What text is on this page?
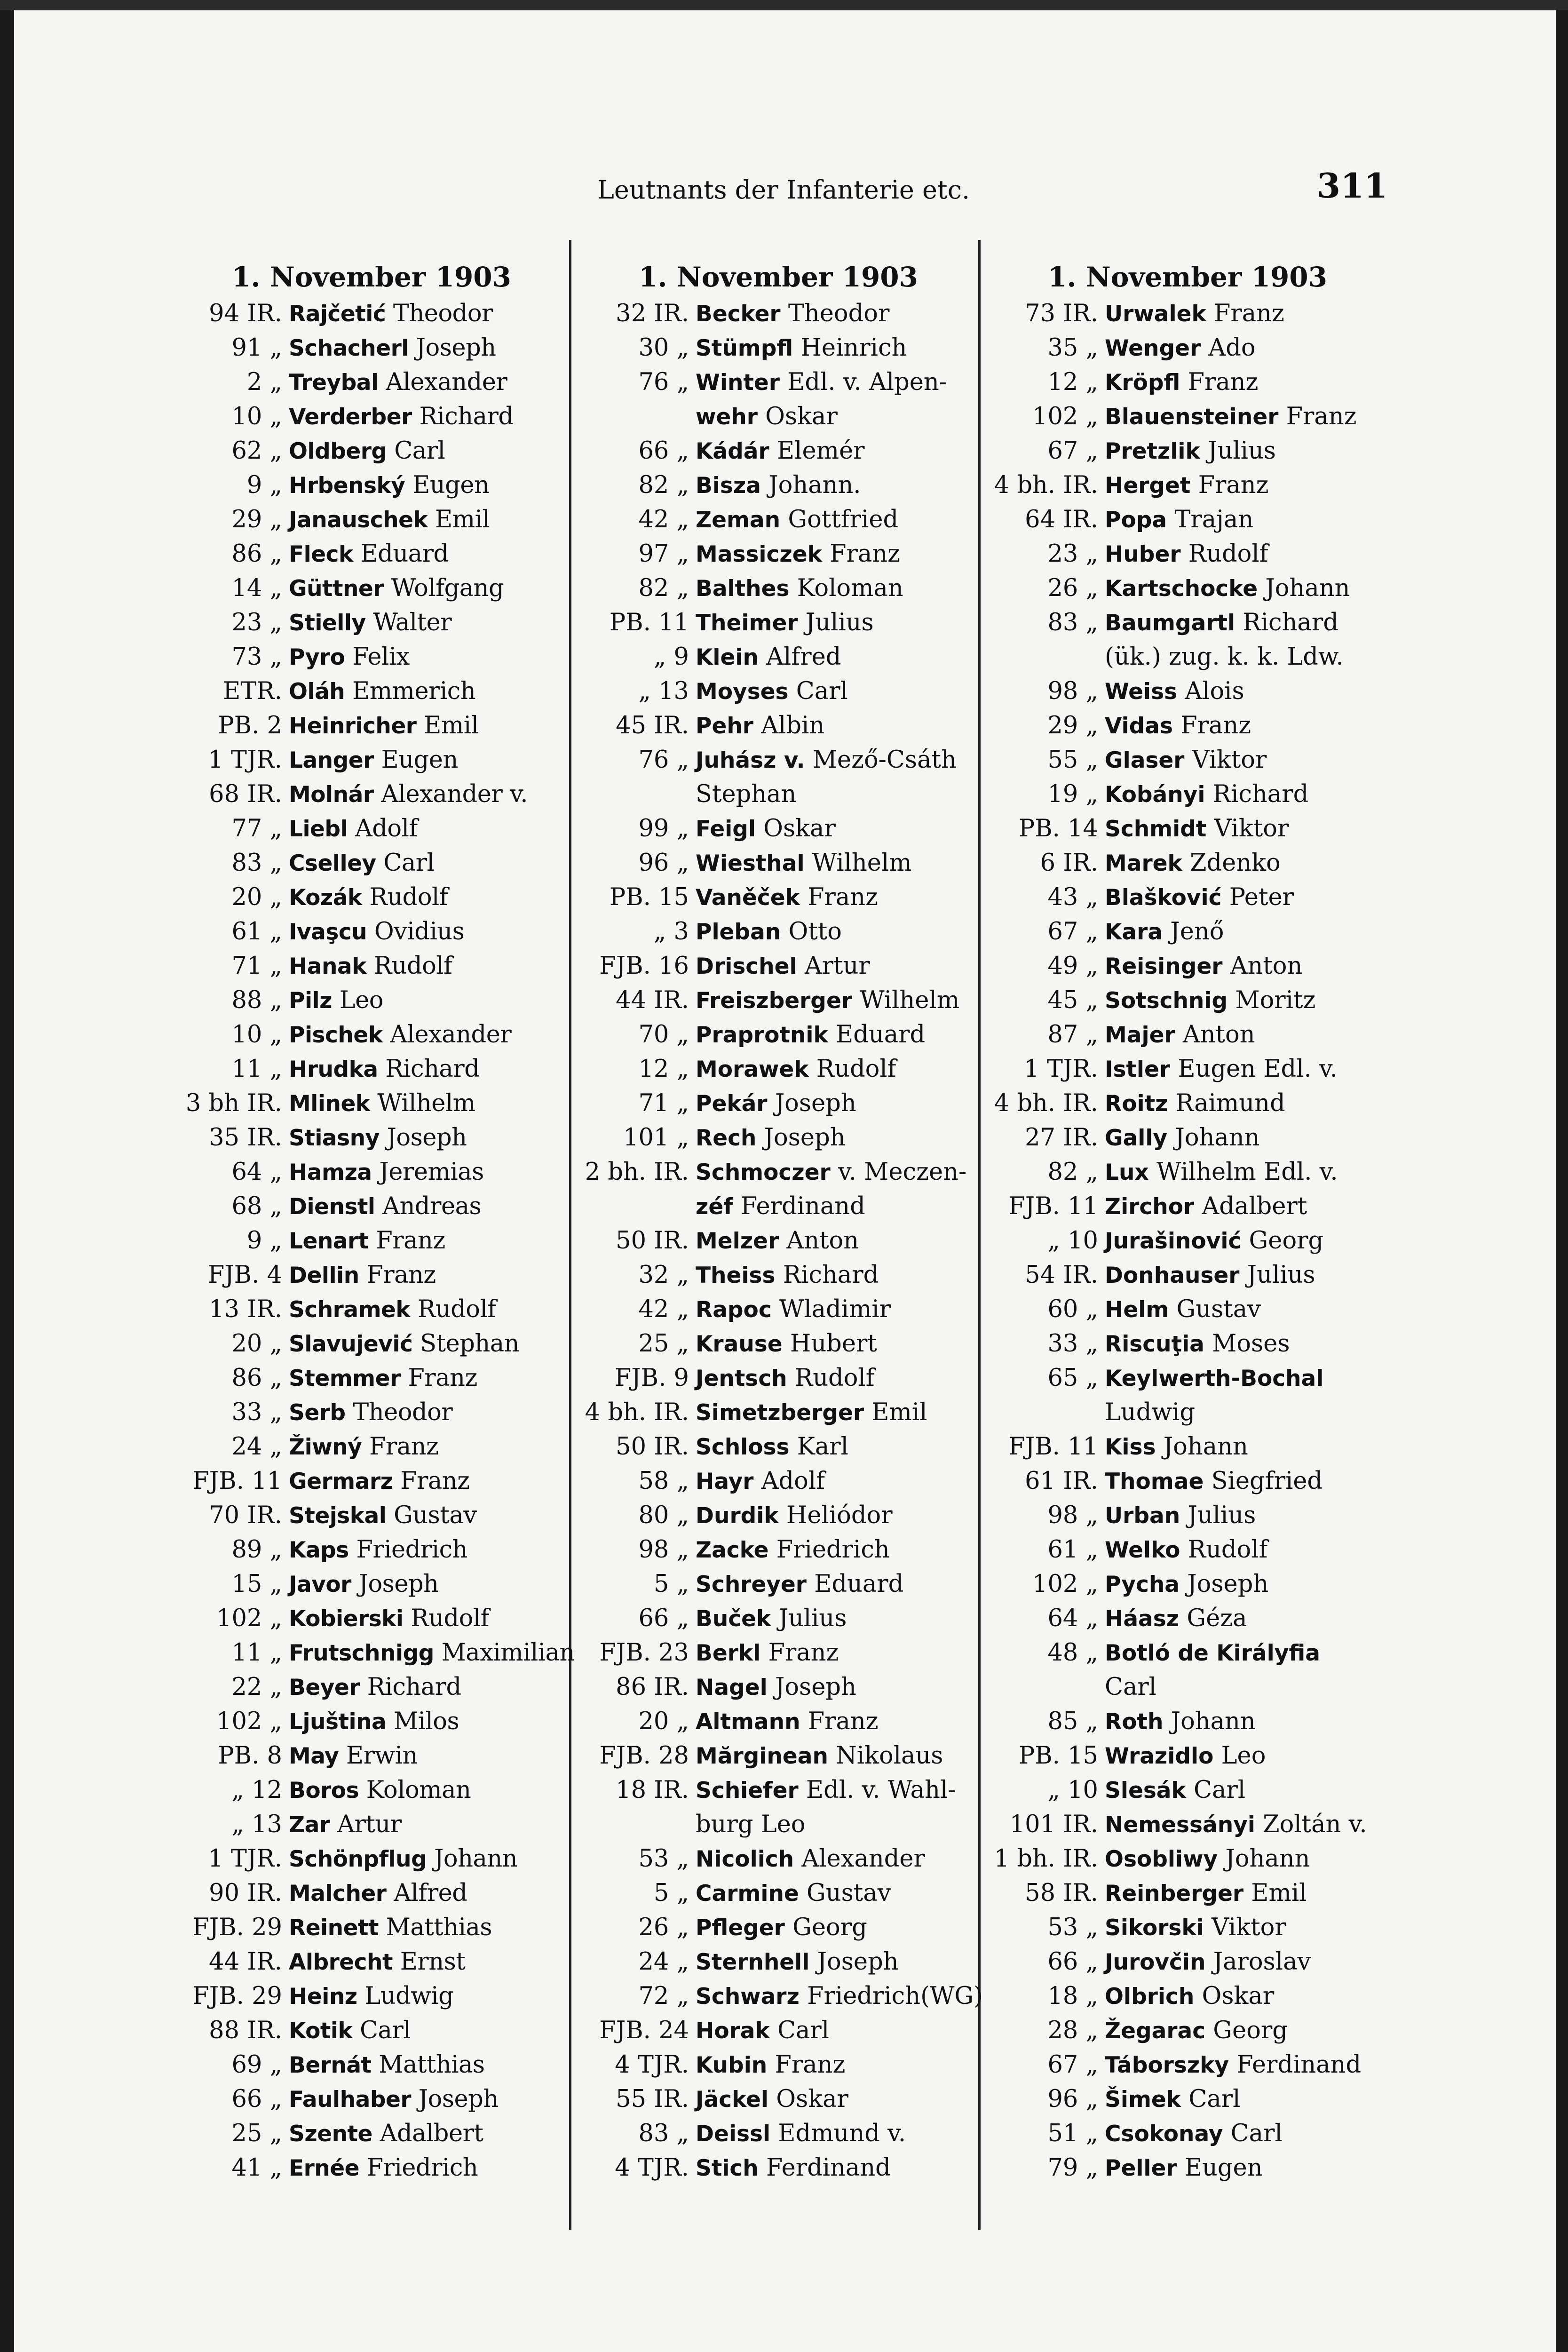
Leutnants der Infanterie etc.	311
1. November 1903
94 IR. Rajčetić Theodor
91 „ Schacherl Joseph
2 „ Treybal Alexander
10 „ Verderber Richard
62 „ Oldberg Carl
9 „ Hrbenský Eugen
29 „ Janauschek Emil
86 „ Fleck Eduard
14 „ Güttner Wolfgang
23 „ Stielly Walter
73 „ Pyro Felix
ETR. Oláh Emmerich
PB. 2 Heinricher Emil
1 TJR. Langer Eugen
68 IR. Molnár Alexander v.
77 „ Liebl Adolf
83 „ Cselley Carl
20 „ Kozák Rudolf
61 „ Ivaşcu Ovidius
71 „ Hanak Rudolf
88 „ Pilz Leo
10 „ Pischek Alexander
11 „ Hrudka Richard
3 bh IR. Mlinek Wilhelm
35 IR. Stiasny Joseph
64 „ Hamza Jeremias
68 „ Dienstl Andreas
9 „ Lenart Franz
FJB. 4 Dellin Franz
13 IR. Schramek Rudolf
20 „ Slavujević Stephan
86 „ Stemmer Franz
33 „ Serb Theodor
24 „ Žiwný Franz
FJB. 11 Germarz Franz
70 IR. Stejskal Gustav
89 „ Kaps Friedrich
15 „ Javor Joseph
102 „ Kobierski Rudolf
11 „ Frutschnigg Maximilian
22 „ Beyer Richard
102 „ Ljuština Milos
PB. 8 May Erwin
„ 12 Boros Koloman
„ 13 Zar Artur
1 TJR. Schönpflug Johann
90 IR. Malcher Alfred
FJB. 29 Reinett Matthias
44 IR. Albrecht Ernst
FJB. 29 Heinz Ludwig
88 IR. Kotik Carl
69 „ Bernát Matthias
66 „ Faulhaber Joseph
25 „ Szente Adalbert
41 „ Ernée Friedrich
1. November 1903
32 IR. Becker Theodor
30 „ Stümpfl Heinrich
76 „ Winter Edl. v. Alpen-
wehr Oskar
66 „ Kádár Elemér
82 „ Bisza Johann.
42 „ Zeman Gottfried
97 „ Massiczek Franz
82 „ Balthes Koloman
PB. 11 Theimer Julius
„ 9 Klein Alfred
„ 13 Moyses Carl
45 IR. Pehr Albin
76 „ Juhász v. Mező-Csáth
Stephan
99 „ Feigl Oskar
96 „ Wiesthal Wilhelm
PB. 15 Vaněček Franz
„ 3 Pleban Otto
FJB. 16 Drischel Artur
44 IR. Freiszberger Wilhelm
70 „ Praprotnik Eduard
12 „ Morawek Rudolf
71 „ Pekár Joseph
101 „ Rech Joseph
2 bh. IR. Schmoczer v. Meczen-
zéf Ferdinand
50 IR. Melzer Anton
32 „ Theiss Richard
42 „ Rapoc Wladimir
25 „ Krause Hubert
FJB. 9 Jentsch Rudolf
4 bh. IR. Simetzberger Emil
50 IR. Schloss Karl
58 „ Hayr Adolf
80 „ Durdik Heliódor
98 „ Zacke Friedrich
5 „ Schreyer Eduard
66 „ Buček Julius
FJB. 23 Berkl Franz
86 IR. Nagel Joseph
20 „ Altmann Franz
FJB. 28 Mărginean Nikolaus
18 IR. Schiefer Edl. v. Wahl-
burg Leo
53 „ Nicolich Alexander
5 „ Carmine Gustav
26 „ Pfleger Georg
24 „ Sternhell Joseph
72 „ Schwarz Friedrich(WG)
FJB. 24 Horak Carl
4 TJR. Kubin Franz
55 IR. Jäckel Oskar
83 „ Deissl Edmund v.
4 TJR. Stich Ferdinand
1. November 1903
73 IR. Urwalek Franz
35 „ Wenger Ado
12 „ Kröpfl Franz
102 „ Blauensteiner Franz
67 „ Pretzlik Julius
4 bh. IR. Herget Franz
64 IR. Popa Trajan
23 „ Huber Rudolf
26 „ Kartschocke Johann
83 „ Baumgartl Richard
(ük.) zug. k. k. Ldw.
98 „ Weiss Alois
29 „ Vidas Franz
55 „ Glaser Viktor
19 „ Kobányi Richard
PB. 14 Schmidt Viktor
6 IR. Marek Zdenko
43 „ Blašković Peter
67 „ Kara Jenő
49 „ Reisinger Anton
45 „ Sotschnig Moritz
87 „ Majer Anton
1 TJR. Istler Eugen Edl. v.
4 bh. IR. Roitz Raimund
27 IR. Gally Johann
82 „ Lux Wilhelm Edl. v.
FJB. 11 Zirchor Adalbert
„ 10 Jurašinović Georg
54 IR. Donhauser Julius
60 „ Helm Gustav
33 „ Riscuţia Moses
65 „ Keylwerth-Bochal
Ludwig
FJB. 11 Kiss Johann
61 IR. Thomae Siegfried
98 „ Urban Julius
61 „ Welko Rudolf
102 „ Pycha Joseph
64 „ Háasz Géza
48 „ Botló de Királyfia
Carl
85 „ Roth Johann
PB. 15 Wrazidlo Leo
„ 10 Slesák Carl
101 IR. Nemessányi Zoltán v.
1 bh. IR. Osobliwy Johann
58 IR. Reinberger Emil
53 „ Sikorski Viktor
66 „ Jurovčin Jaroslav
18 „ Olbrich Oskar
28 „ Žegarac Georg
67 „ Táborszky Ferdinand
96 „ Šimek Carl
51 „ Csokonay Carl
79 „ Peller Eugen
